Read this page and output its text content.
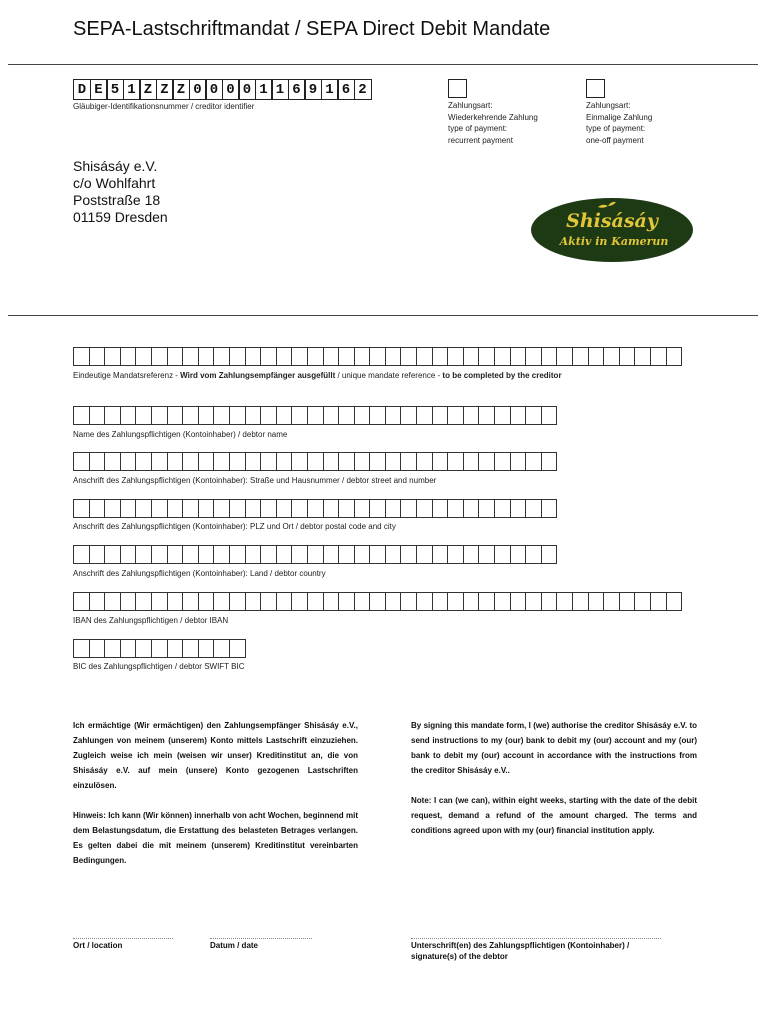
SEPA-Lastschriftmandat / SEPA Direct Debit Mandate
D E 5 1 Z Z Z 0 0 0 0 1 1 6 9 1 6 2
Gläubiger-Identifikationsnummer / creditor identifier	Zahlungsart:
Wiederkehrende Zahlung
type of payment:
recurrent payment
Zahlungsart:
Einmalige Zahlung
type of payment:
one-off payment
Shisásáy e.V.
c/o Wohlfahrt
Poststraße 18
01159 Dresden	Shisásáy
Aktiv in Kamerun
Eindeutige Mandatsreferenz - Wird vom Zahlungsempfänger ausgefüllt / unique mandate reference - to be completed by the creditor
Name des Zahlungspflichtigen (Kontoinhaber) / debtor name
Anschrift des Zahlungspflichtigen (Kontoinhaber): Straße und Hausnummer / debtor street and number
Anschrift des Zahlungspflichtigen (Kontoinhaber): PLZ und Ort / debtor postal code and city
Anschrift des Zahlungspflichtigen (Kontoinhaber): Land / debtor country
IBAN des Zahlungspflichtigen / debtor IBAN
BIC des Zahlungspflichtigen / debtor SWIFT BIC

Ich ermächtige (Wir ermächtigen) den Zahlungsempfänger Shisásáy e.V., Zahlungen von meinem (unserem) Konto mittels Lastschrift einzuziehen. Zugleich weise ich mein (weisen wir unser) Kreditinstitut an, die von Shisásáy e.V. auf mein (unsere) Konto gezogenen Lastschriften einzulösen.

Hinweis: Ich kann (Wir können) innerhalb von acht Wochen, beginnend mit dem Belastungsdatum, die Erstattung des belasteten Betrages verlangen. Es gelten dabei die mit meinem (unserem) Kreditinstitut vereinbarten Bedingungen.

By signing this mandate form, I (we) authorise the creditor Shisásáy e.V. to send instructions to my (our) bank to debit my (our) account and my (our) bank to debit my (our) account in accordance with the instructions from the creditor Shisásáy e.V..

Note: I can (we can), within eight weeks, starting with the date of the debit request, demand a refund of the amount charged. The terms and conditions agreed upon with my (our) financial institution apply.

Ort / location	Datum / date	Unterschrift(en) des Zahlungspflichtigen (Kontoinhaber) /
signature(s) of the debtor
